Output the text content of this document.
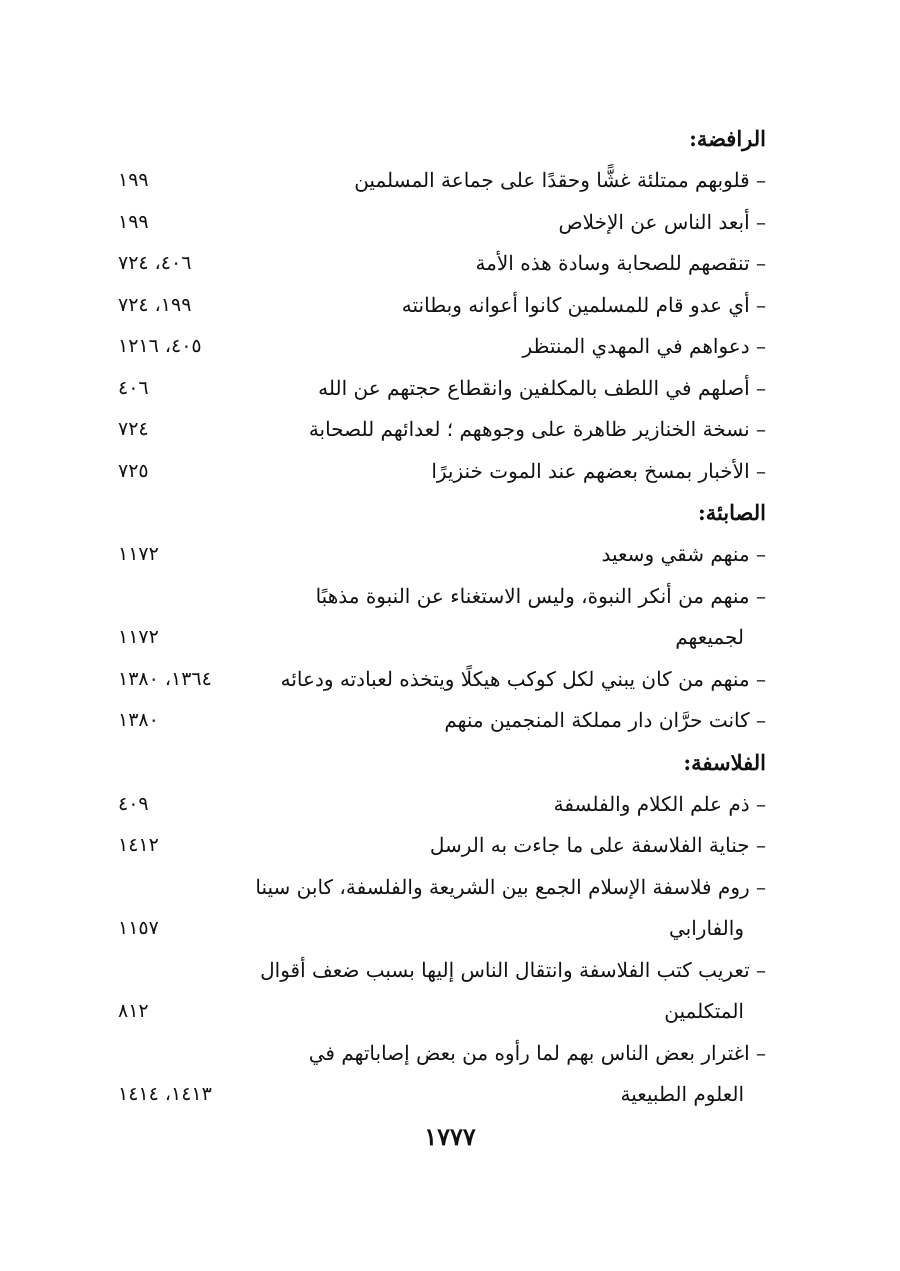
الرافضة:
– قلوبهم ممتلئة غشًّا وحقدًا على جماعة المسلمين
١٩٩
– أبعد الناس عن الإخلاص
١٩٩
– تنقصهم للصحابة وسادة هذه الأمة
٤٠٦، ٧٢٤
– أي عدو قام للمسلمين كانوا أعوانه وبطانته
١٩٩، ٧٢٤
– دعواهم في المهدي المنتظر
٤٠٥، ١٢١٦
– أصلهم في اللطف بالمكلفين وانقطاع حجتهم عن الله
٤٠٦
– نسخة الخنازير ظاهرة على وجوههم ؛ لعدائهم للصحابة
٧٢٤
– الأخبار بمسخ بعضهم عند الموت خنزيرًا
٧٢٥
الصابئة:
– منهم شقي وسعيد
١١٧٢
– منهم من أنكر النبوة، وليس الاستغناء عن النبوة مذهبًا
لجميعهم
١١٧٢
– منهم من كان يبني لكل كوكب هيكلًا ويتخذه لعبادته ودعائه
١٣٦٤، ١٣٨٠
– كانت حرَّان دار مملكة المنجمين منهم
١٣٨٠
الفلاسفة:
– ذم علم الكلام والفلسفة
٤٠٩
– جناية الفلاسفة على ما جاءت به الرسل
١٤١٢
– روم فلاسفة الإسلام الجمع بين الشريعة والفلسفة، كابن سينا
والفارابي
١١٥٧
– تعريب كتب الفلاسفة وانتقال الناس إليها بسبب ضعف أقوال
المتكلمين
٨١٢
– اغترار بعض الناس بهم لما رأوه من بعض إصاباتهم في
العلوم الطبيعية
١٤١٣، ١٤١٤
١٧٧٧
